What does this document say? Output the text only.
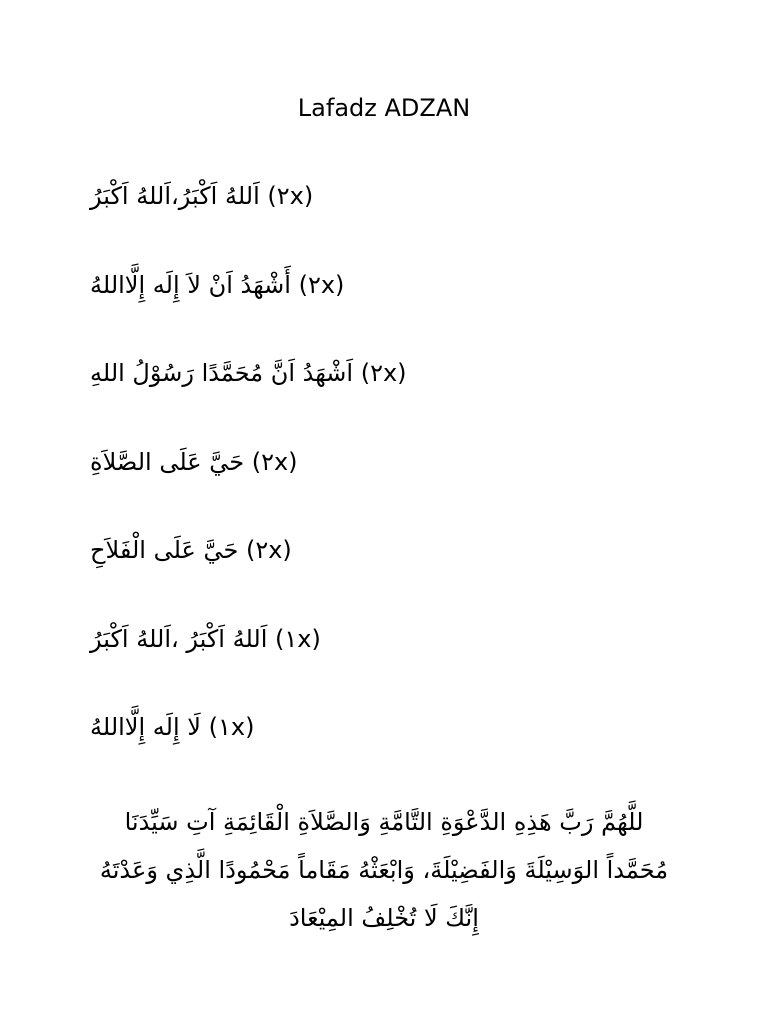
Lafadz ADZAN
اَللهُ اَكْبَرُ،اَللهُ اَكْبَرُ (٢x)
أَشْهَدُ اَنْ لاَ إِلَه إِلَّااللهُ (٢x)
اَشْهَدُ اَنَّ مُحَمَّدًا رَسُوْلُ اللهِ (٢x)
حَيَّ عَلَى الصَّلاَةِ (٢x)
حَيَّ عَلَى الْفَلاَحِ (٢x)
اَللهُ اَكْبَرُ ،اَللهُ اَكْبَرُ (١x)
لَا إِلَه إِلَّااللهُ (١x)
للَّهُمَّ رَبَّ هَذِهِ الدَّعْوَةِ التَّامَّةِ وَالصَّلاَةِ الْقَائِمَةِ آتِ سَيِّدَنَا
مُحَمَّداً الوَسِيْلَةَ وَالفَضِيْلَةَ، وَابْعَثْهُ مَقَاماً مَحْمُودًا الَّذِي وَعَدْتَهُ
إِنَّكَ لَا تُخْلِفُ المِيْعَادَ
